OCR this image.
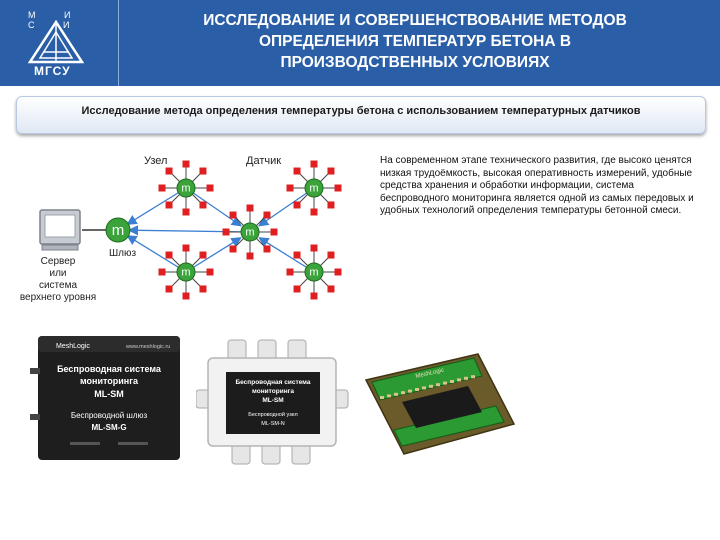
М И С И
МГСУ
ИССЛЕДОВАНИЕ И СОВЕРШЕНСТВОВАНИЕ МЕТОДОВ
ОПРЕДЕЛЕНИЯ ТЕМПЕРАТУР БЕТОНА В
ПРОИЗВОДСТВЕННЫХ УСЛОВИЯХ
Исследование метода определения температуры бетона с использованием температурных датчиков
m	m
m
m	m
m
Узел	Датчик
Шлюз
Сервер
или
система
верхнего уровня
На современном этапе технического развития, где высоко ценятся низкая трудоёмкость, высокая оперативность измерений, удобные средства хранения и обработки информации, система беспроводного мониторинга является одной из самых передовых и удобных технологий определения температуры бетонной смеси.
MeshLogic	www.meshlogic.ru
Беспроводная система
мониторинга
ML-SM
Беспроводной шлюз
ML-SM-G
Беспроводная система
мониторинга
ML-SM
Беспроводной узел
ML-SM-N
MeshLogic
